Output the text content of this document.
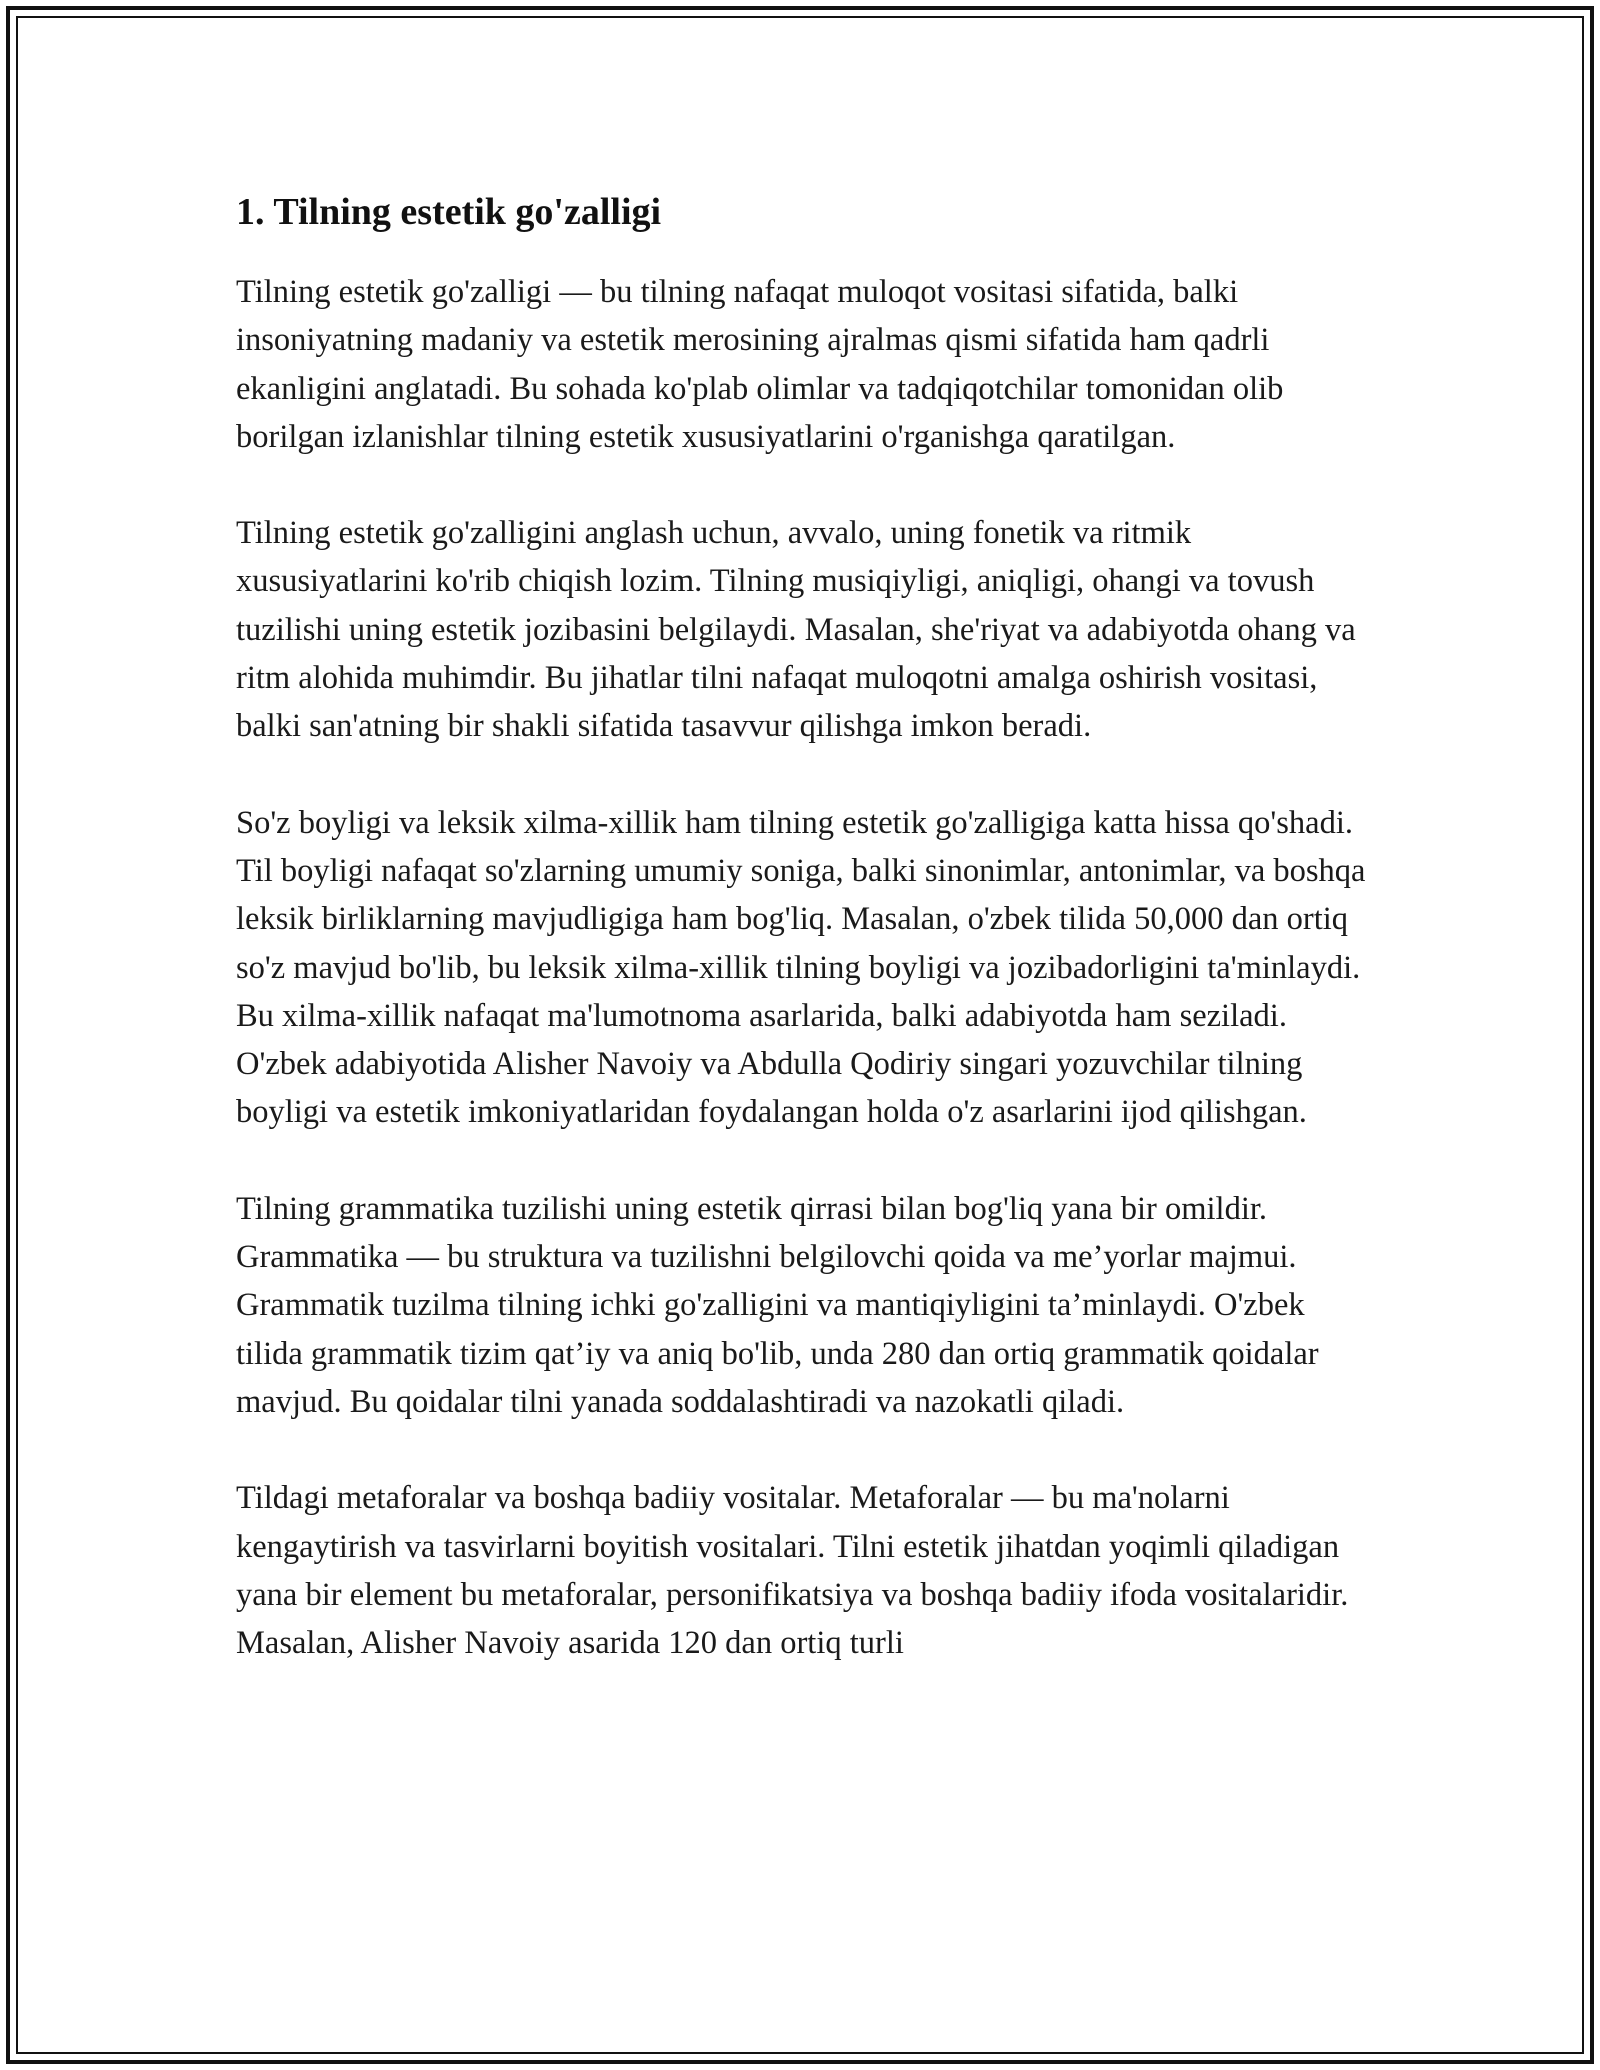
1. Tilning estetik go'zalligi

Tilning estetik go'zalligi — bu tilning nafaqat muloqot vositasi sifatida, balki insoniyatning madaniy va estetik merosining ajralmas qismi sifatida ham qadrli ekanligini anglatadi. Bu sohada ko'plab olimlar va tadqiqotchilar tomonidan olib borilgan izlanishlar tilning estetik xususiyatlarini o'rganishga qaratilgan.

Tilning estetik go'zalligini anglash uchun, avvalo, uning fonetik va ritmik xususiyatlarini ko'rib chiqish lozim. Tilning musiqiyligi, aniqligi, ohangi va tovush tuzilishi uning estetik jozibasini belgilaydi. Masalan, she'riyat va adabiyotda ohang va ritm alohida muhimdir. Bu jihatlar tilni nafaqat muloqotni amalga oshirish vositasi, balki san'atning bir shakli sifatida tasavvur qilishga imkon beradi.

So'z boyligi va leksik xilma-xillik ham tilning estetik go'zalligiga katta hissa qo'shadi. Til boyligi nafaqat so'zlarning umumiy soniga, balki sinonimlar, antonimlar, va boshqa leksik birliklarning mavjudligiga ham bog'liq. Masalan, o'zbek tilida 50,000 dan ortiq so'z mavjud bo'lib, bu leksik xilma-xillik tilning boyligi va jozibadorligini ta'minlaydi. Bu xilma-xillik nafaqat ma'lumotnoma asarlarida, balki adabiyotda ham seziladi. O'zbek adabiyotida Alisher Navoiy va Abdulla Qodiriy singari yozuvchilar tilning boyligi va estetik imkoniyatlaridan foydalangan holda o'z asarlarini ijod qilishgan.

Tilning grammatika tuzilishi uning estetik qirrasi bilan bog'liq yana bir omildir. Grammatika — bu struktura va tuzilishni belgilovchi qoida va me’yorlar majmui. Grammatik tuzilma tilning ichki go'zalligini va mantiqiyligini ta’minlaydi. O'zbek tilida grammatik tizim qat’iy va aniq bo'lib, unda 280 dan ortiq grammatik qoidalar mavjud. Bu qoidalar tilni yanada soddalashtiradi va nazokatli qiladi.

Tildagi metaforalar va boshqa badiiy vositalar. Metaforalar — bu ma'nolarni kengaytirish va tasvirlarni boyitish vositalari. Tilni estetik jihatdan yoqimli qiladigan yana bir element bu metaforalar, personifikatsiya va boshqa badiiy ifoda vositalaridir. Masalan, Alisher Navoiy asarida 120 dan ortiq turli
